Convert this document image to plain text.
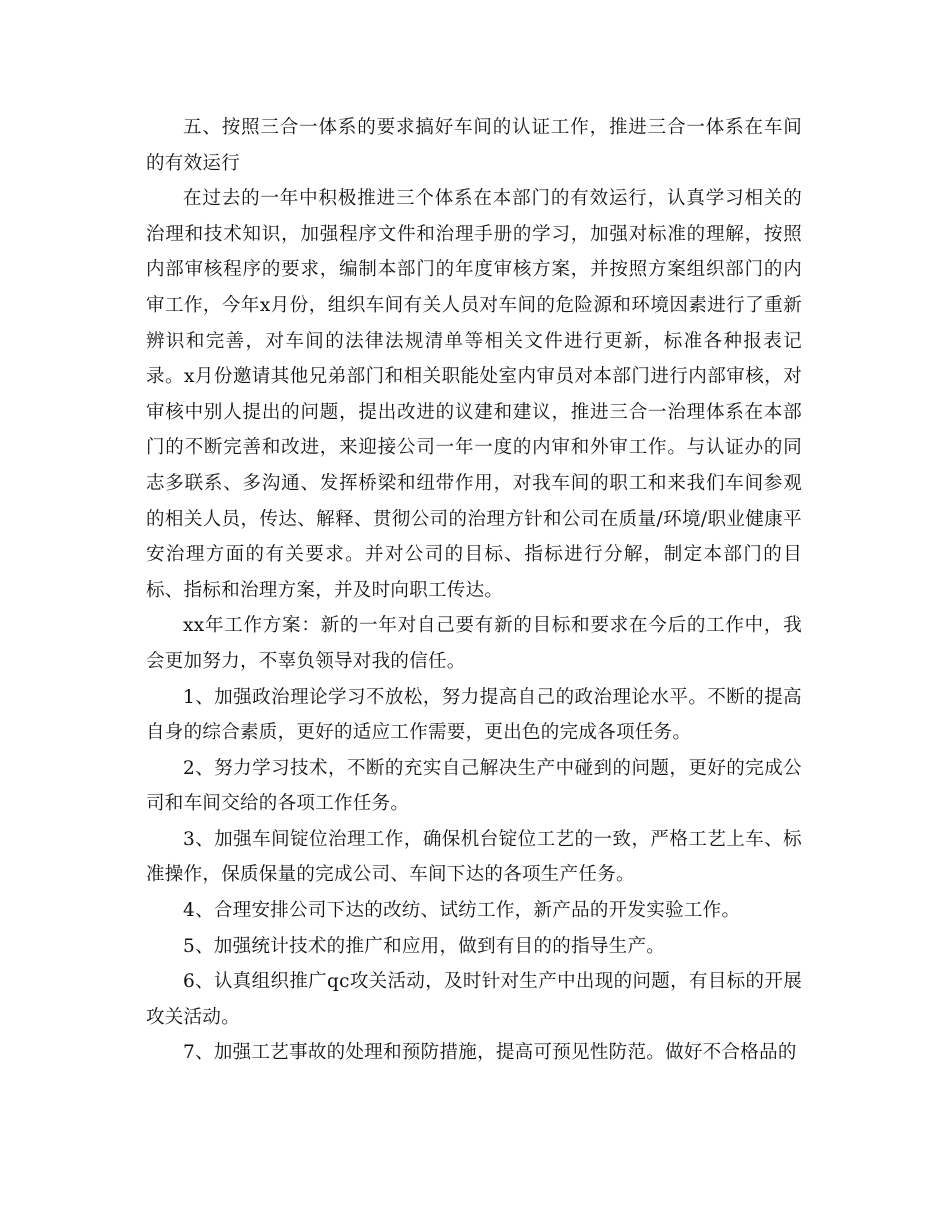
五、按照三合一体系的要求搞好车间的认证工作，推进三合一体系在车间的有效运行

在过去的一年中积极推进三个体系在本部门的有效运行，认真学习相关的治理和技术知识，加强程序文件和治理手册的学习，加强对标准的理解，按照内部审核程序的要求，编制本部门的年度审核方案，并按照方案组织部门的内审工作，今年x月份，组织车间有关人员对车间的危险源和环境因素进行了重新辨识和完善，对车间的法律法规清单等相关文件进行更新，标准各种报表记录。x月份邀请其他兄弟部门和相关职能处室内审员对本部门进行内部审核，对审核中别人提出的问题，提出改进的议建和建议，推进三合一治理体系在本部门的不断完善和改进，来迎接公司一年一度的内审和外审工作。与认证办的同志多联系、多沟通、发挥桥梁和纽带作用，对我车间的职工和来我们车间参观的相关人员，传达、解释、贯彻公司的治理方针和公司在质量/环境/职业健康平安治理方面的有关要求。并对公司的目标、指标进行分解，制定本部门的目标、指标和治理方案，并及时向职工传达。

xx年工作方案：新的一年对自己要有新的目标和要求在今后的工作中，我会更加努力，不辜负领导对我的信任。

1、加强政治理论学习不放松，努力提高自己的政治理论水平。不断的提高自身的综合素质，更好的适应工作需要，更出色的完成各项任务。

2、努力学习技术，不断的充实自己解决生产中碰到的问题，更好的完成公司和车间交给的各项工作任务。

3、加强车间锭位治理工作，确保机台锭位工艺的一致，严格工艺上车、标准操作，保质保量的完成公司、车间下达的各项生产任务。

4、合理安排公司下达的改纺、试纺工作，新产品的开发实验工作。

5、加强统计技术的推广和应用，做到有目的的指导生产。

6、认真组织推广qc攻关活动，及时针对生产中出现的问题，有目标的开展攻关活动。

7、加强工艺事故的处理和预防措施，提高可预见性防范。做好不合格品的
